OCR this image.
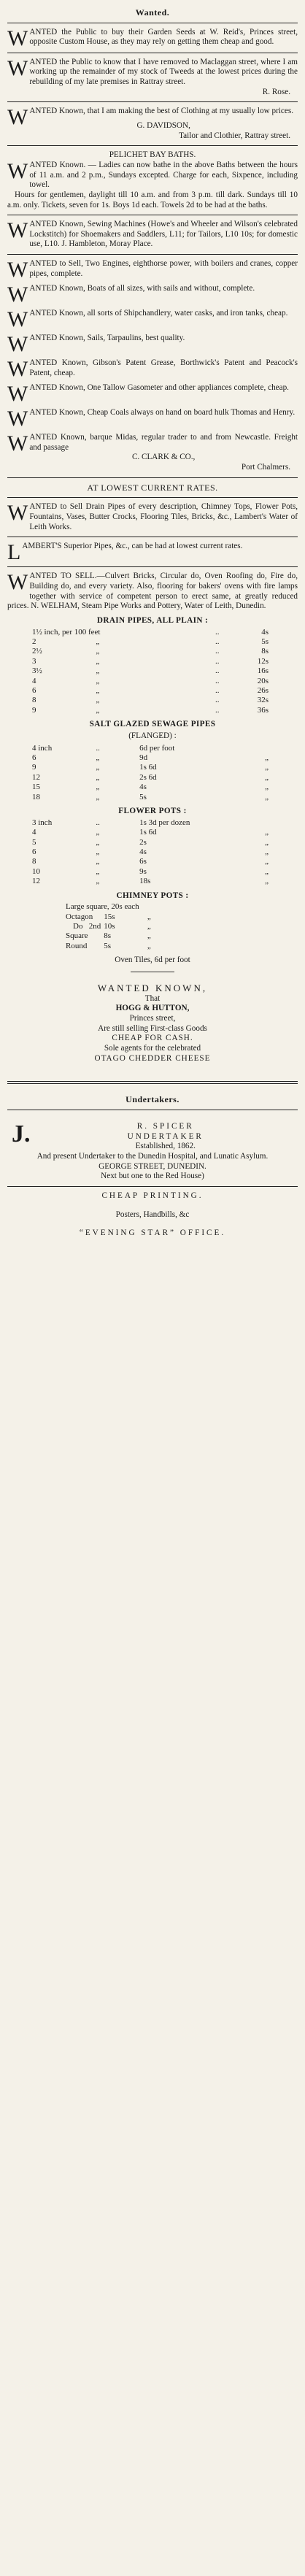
Wanted.
WANTED the Public to buy their Garden Seeds at W. Reid's, Princes street, opposite Custom House, as they may rely on getting them cheap and good.
WANTED the Public to know that I have removed to Maclaggan street, where I am working up the remainder of my stock of Tweeds at the lowest prices during the rebuilding of my late premises in Rattray street.
R. Rose.
WANTED Known, that I am making the best of Clothing at my usually low prices.
G. DAVIDSON,
Tailor and Clothier, Rattray street.
PELICHET BAY BATHS.
W ANTED Known. — Ladies can now bathe in the above Baths between the hours of 11 a.m. and 2 p.m., Sundays excepted. Charge for each, Sixpence, including towel.
Hours for gentlemen, daylight till 10 a.m. and from 3 p.m. till dark. Sundays till 10 a.m. only. Tickets, seven for 1s. Boys 1d each. Towels 2d to be had at the baths.
WANTED Known, Sewing Machines (Howe's and Wheeler and Wilson's celebrated Lockstitch) for Shoemakers and Saddlers, L11; for Tailors, L10 10s; for domestic use, L10. J. Hambleton, Moray Place.
WANTED to Sell, Two Engines, eighthorse power, with boilers and cranes, copper pipes, complete.
WANTED Known, Boats of all sizes, with sails and without, complete.
WANTED Known, all sorts of Shipchandlery, water casks, and iron tanks, cheap.
WANTED Known, Sails, Tarpaulins, best quality.
WANTED Known, Gibson's Patent Grease, Borthwick's Patent and Peacock's Patent, cheap.
WANTED Known, One Tallow Gasometer and other appliances complete, cheap.
WANTED Known, Cheap Coals always on hand on board hulk Thomas and Henry.
WANTED Known, barque Midas, regular trader to and from Newcastle. Freight and passage
C. CLARK & CO.,
Port Chalmers.
AT LOWEST CURRENT RATES.
WANTED to Sell Drain Pipes of every description, Chimney Tops, Flower Pots, Fountains, Vases, Butter Crocks, Flooring Tiles, Bricks, &c., Lambert's Water of Leith Works.
LAMBERT'S Superior Pipes, &c., can be had at lowest current rates.
WANTED TO SELL.—Culvert Bricks, Circular do, Oven Roofing do, Fire do, Building do, and every variety. Also, flooring for bakers' ovens with fire lamps together with service of competent person to erect same, at greatly reduced prices. N. WELHAM, Steam Pipe Works and Pottery, Water of Leith, Dunedin.
DRAIN PIPES, ALL PLAIN :
1½ inch, per 100 feet			..	4s
2	„		..	5s
2½	„		..	8s
3	„		..	12s
3½	„		..	16s
4	„		..	20s
6	„		..	26s
8	„		..	32s
9	„		..	36s
SALT GLAZED SEWAGE PIPES
(FLANGED) :
4 inch	..	6d per foot	
6	„	9d	„
9	„	1s 6d	„
12	„	2s 6d	„
15	„	4s	„
18	„	5s	„
FLOWER POTS :
3 inch	..	1s 3d per dozen	
4	„	1s 6d	„
5	„	2s	„
6	„	4s	„
8	„	6s	„
10	„	9s	„
12	„	18s	„
CHIMNEY POTS :
Large square, 20s each			
Octagon	15s	„	
Do 2nd	10s	„	
Square	8s	„	
Round	5s	„	
Oven Tiles, 6d per foot
WANTED KNOWN,
That
HOGG & HUTTON,
Princes street,
Are still selling First-class Goods
CHEAP FOR CASH.
Sole agents for the celebrated
OTAGO CHEDDER CHEESE
Undertakers.
J.	R. SPICER
UNDERTAKER
Established, 1862.
And present Undertaker to the Dunedin Hospital, and Lunatic Asylum.
GEORGE STREET, DUNEDIN.
Next but one to the Red House)
CHEAP PRINTING.
Posters, Handbills, &c
“EVENING STAR” OFFICE.
